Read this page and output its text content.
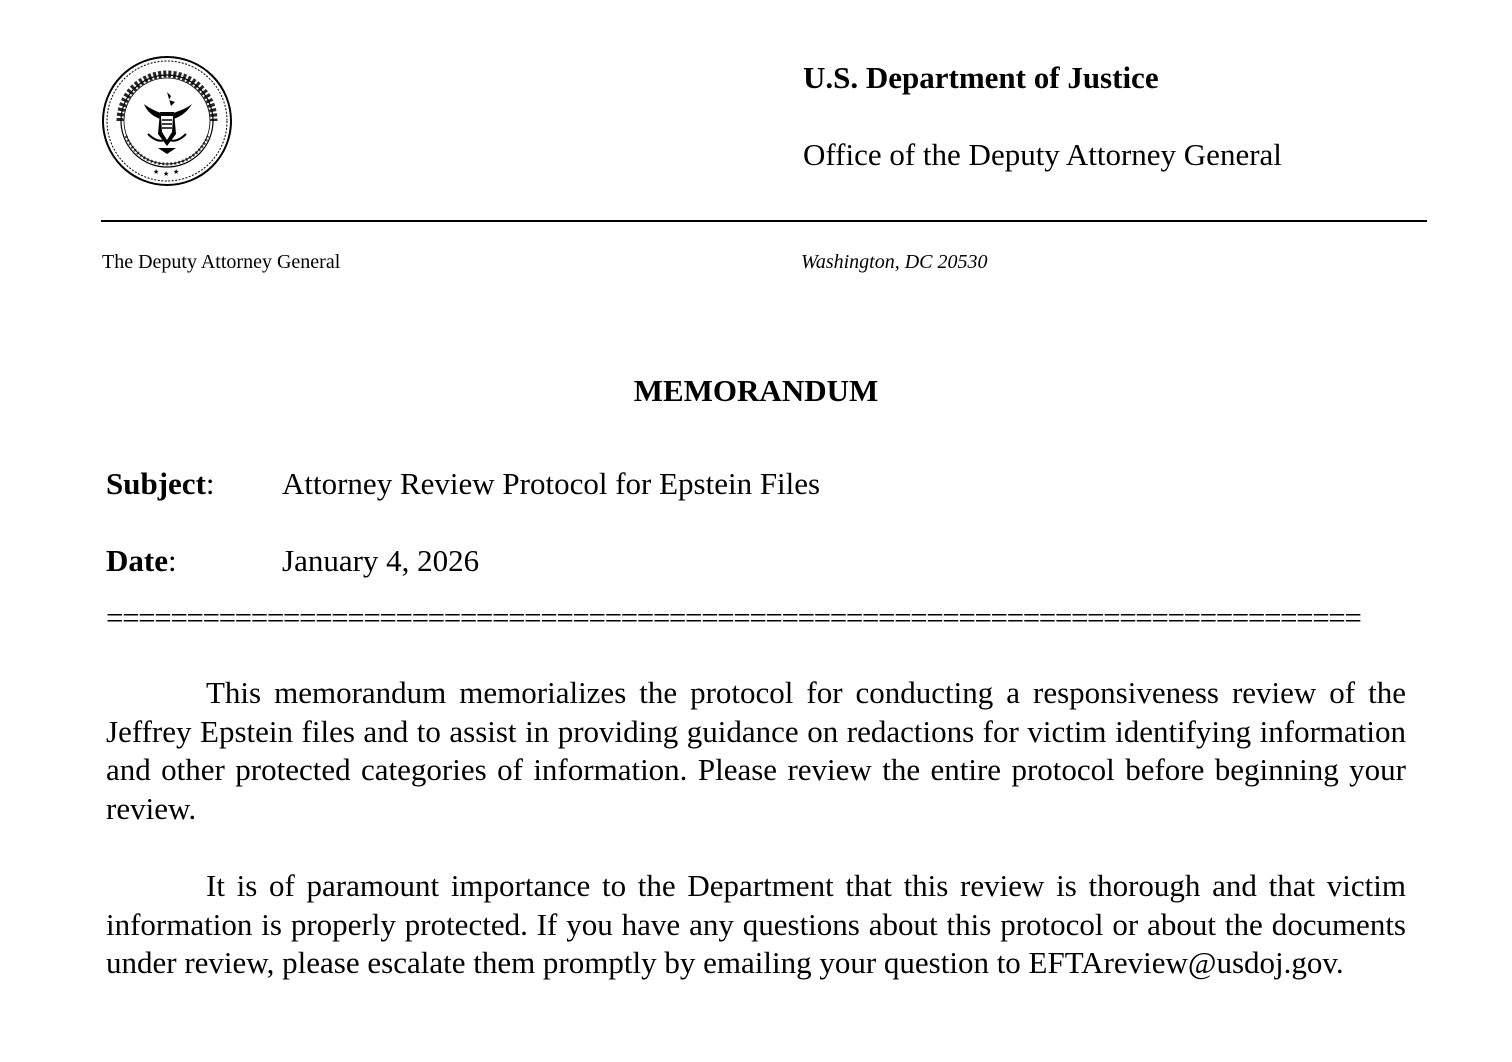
★ ★ ★
U.S. Department of Justice
Office of the Deputy Attorney General
The Deputy Attorney General	Washington, DC 20530
MEMORANDUM
Subject: Attorney Review Protocol for Epstein Files
Date:	January 4, 2026
==============================================================================

This memorandum memorializes the protocol for conducting a responsiveness review of the Jeffrey Epstein files and to assist in providing guidance on redactions for victim identifying information and other protected categories of information. Please review the entire protocol before beginning your review.

It is of paramount importance to the Department that this review is thorough and that victim information is properly protected. If you have any questions about this protocol or about the documents under review, please escalate them promptly by emailing your question to EFTAreview@usdoj.gov.
